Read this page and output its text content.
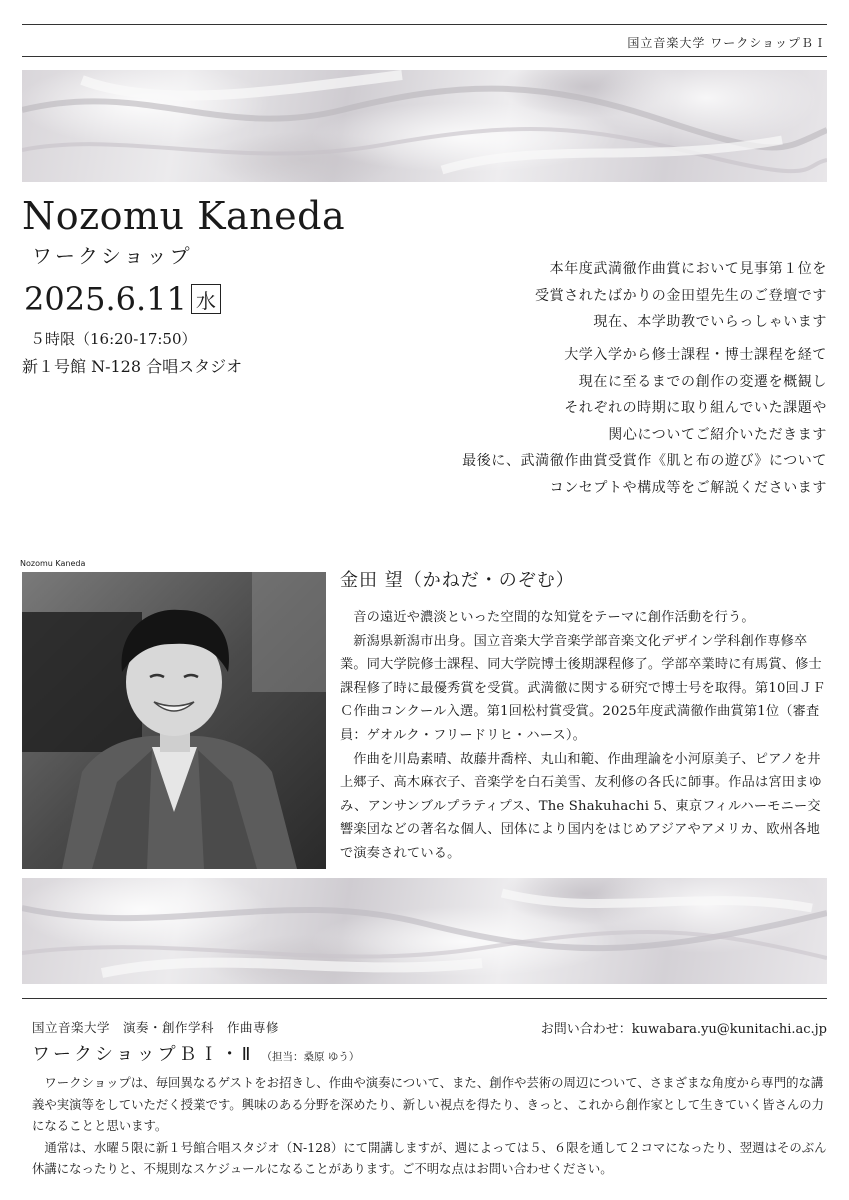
国立音楽大学 ワークショップＢＩ
Nozomu Kaneda
ワークショップ
2025.6.11 水
５時限（16:20-17:50）
新１号館 N-128 合唱スタジオ
本年度武満徹作曲賞において見事第１位を
受賞されたばかりの金田望先生のご登壇です
現在、本学助教でいらっしゃいます
大学入学から修士課程・博士課程を経て
現在に至るまでの創作の変遷を概観し
それぞれの時期に取り組んでいた課題や
関心についてご紹介いただきます
最後に、武満徹作曲賞受賞作《肌と布の遊び》について
コンセプトや構成等をご解説くださいます
Nozomu Kaneda
金田 望（かねだ・のぞむ）

音の遠近や濃淡といった空間的な知覚をテーマに創作活動を行う。

新潟県新潟市出身。国立音楽大学音楽学部音楽文化デザイン学科創作専修卒業。同大学院修士課程、同大学院博士後期課程修了。学部卒業時に有馬賞、修士課程修了時に最優秀賞を受賞。武満徹に関する研究で博士号を取得。第10回ＪＦＣ作曲コンクール入選。第1回松村賞受賞。2025年度武満徹作曲賞第1位（審査員：ゲオルク・フリードリヒ・ハース）。

作曲を川島素晴、故藤井喬梓、丸山和範、作曲理論を小河原美子、ピアノを井上郷子、高木麻衣子、音楽学を白石美雪、友利修の各氏に師事。作品は宮田まゆみ、アンサンブルプラティプス、The Shakuhachi 5、東京フィルハーモニー交響楽団などの著名な個人、団体により国内をはじめアジアやアメリカ、欧州各地で演奏されている。

国立音楽大学　演奏・創作学科　作曲専修	お問い合わせ：kuwabara.yu@kunitachi.ac.jp
ワークショップＢＩ・Ⅱ （担当：桑原 ゆう）

ワークショップは、毎回異なるゲストをお招きし、作曲や演奏について、また、創作や芸術の周辺について、さまざまな角度から専門的な講義や実演等をしていただく授業です。興味のある分野を深めたり、新しい視点を得たり、きっと、これから創作家として生きていく皆さんの力になることと思います。

通常は、水曜５限に新１号館合唱スタジオ（N-128）にて開講しますが、週によっては５、６限を通して２コマになったり、翌週はそのぶん休講になったりと、不規則なスケジュールになることがあります。ご不明な点はお問い合わせください。
